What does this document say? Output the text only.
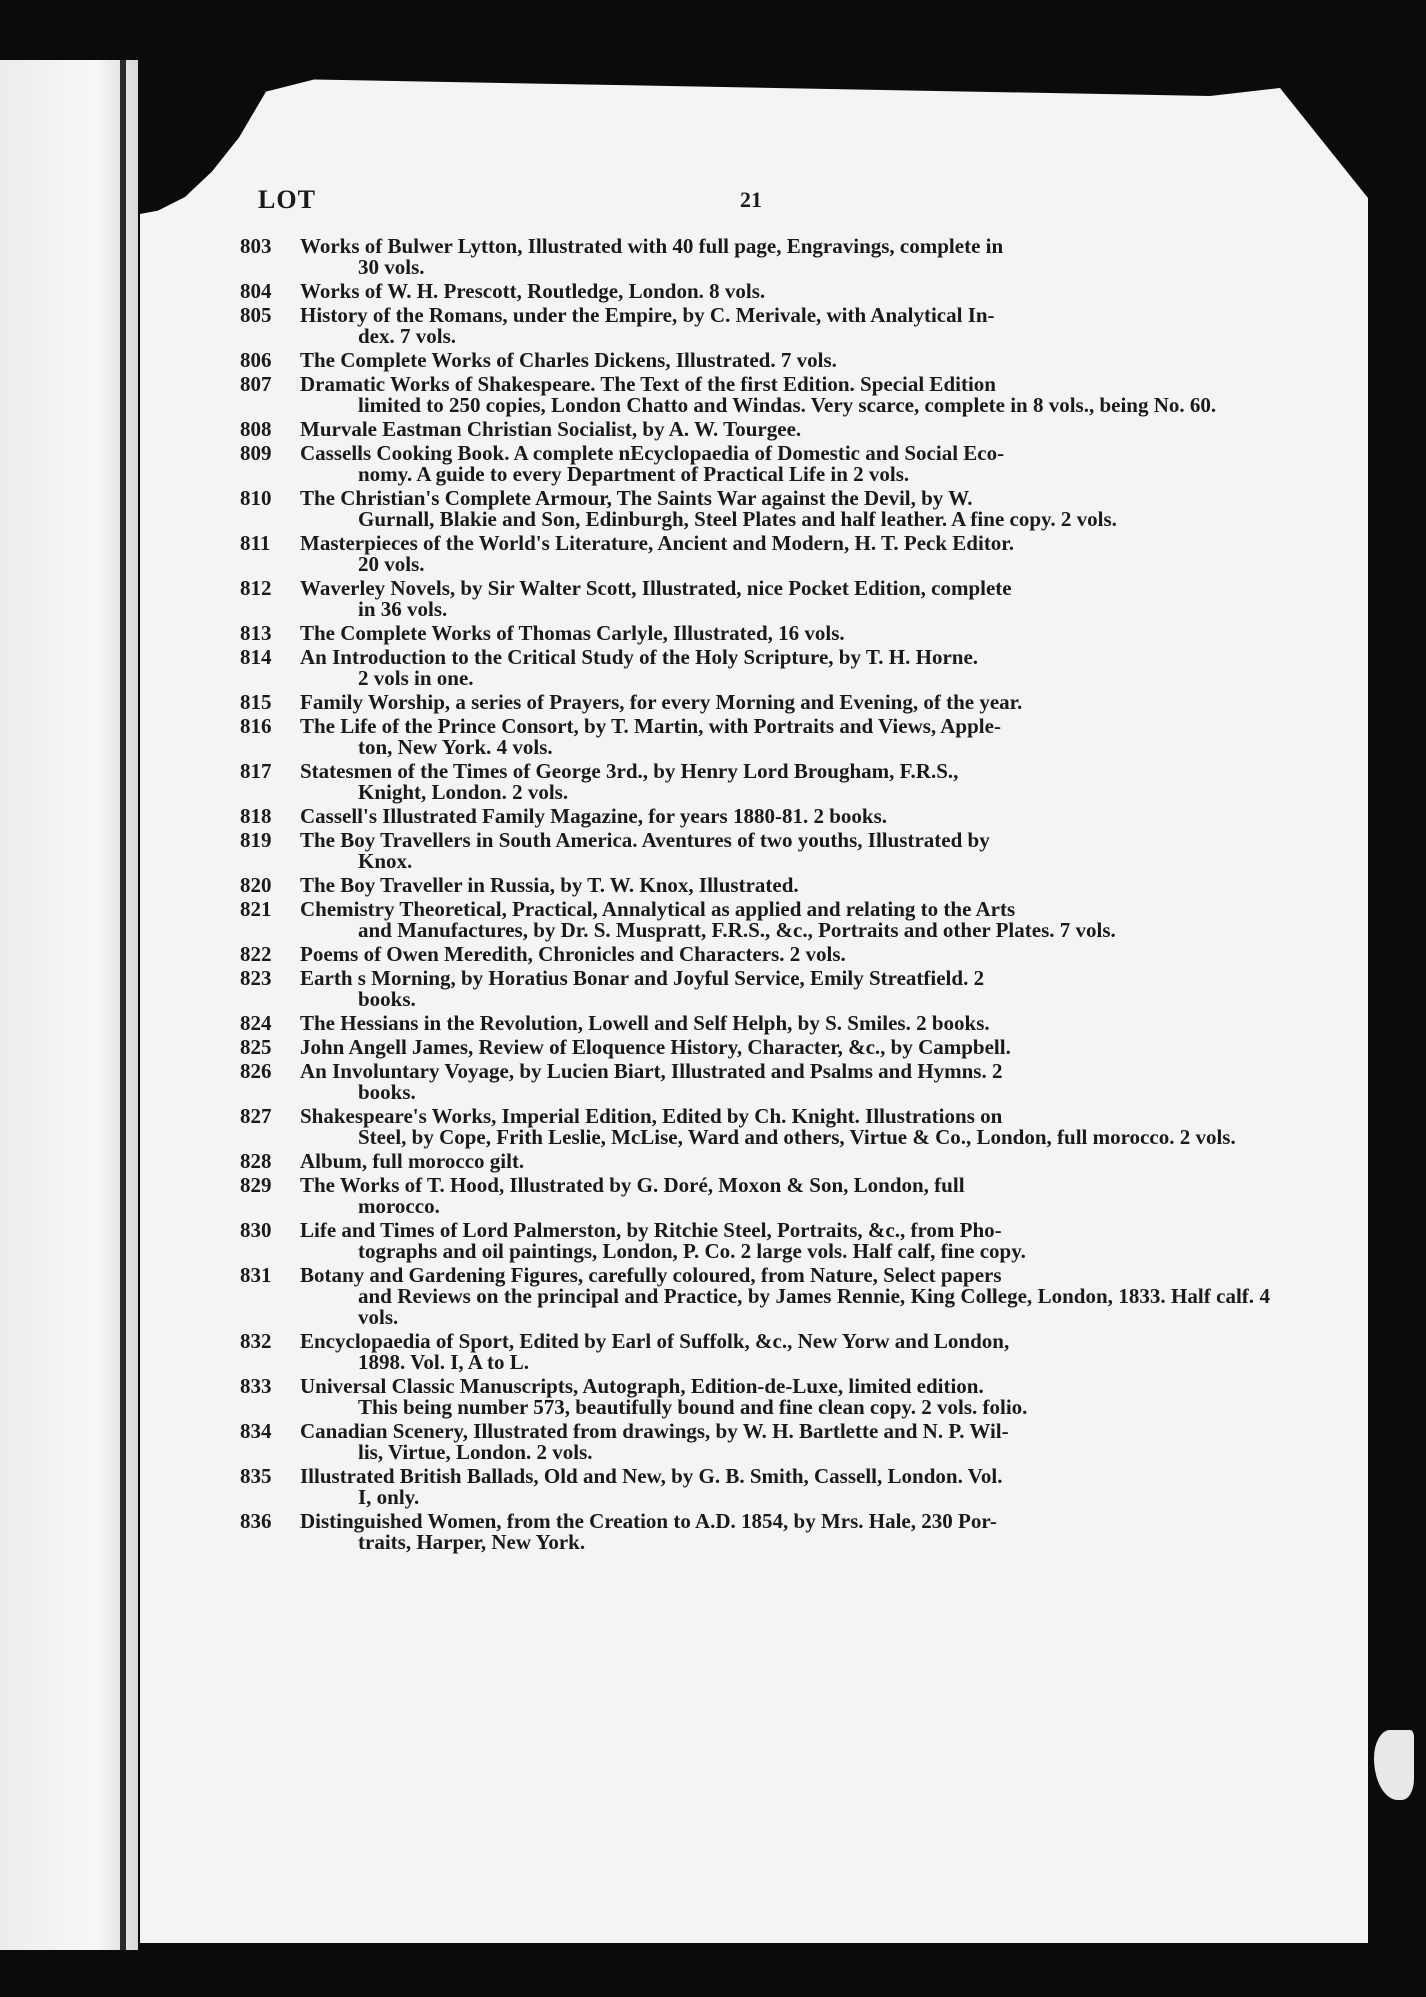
LOT	21
803	Works of Bulwer Lytton, Illustrated with 40 full page, Engravings, complete in
30 vols.
804	Works of W. H. Prescott, Routledge, London. 8 vols.
805	History of the Romans, under the Empire, by C. Merivale, with Analytical In-
dex. 7 vols.
806	The Complete Works of Charles Dickens, Illustrated. 7 vols.
807	Dramatic Works of Shakespeare. The Text of the first Edition. Special Edition
limited to 250 copies, London Chatto and Windas. Very scarce, complete in 8 vols., being No. 60.
808	Murvale Eastman Christian Socialist, by A. W. Tourgee.
809	Cassells Cooking Book. A complete nEcyclopaedia of Domestic and Social Eco-
nomy. A guide to every Department of Practical Life in 2 vols.
810	The Christian's Complete Armour, The Saints War against the Devil, by W.
Gurnall, Blakie and Son, Edinburgh, Steel Plates and half leather. A fine copy. 2 vols.
811	Masterpieces of the World's Literature, Ancient and Modern, H. T. Peck Editor.
20 vols.
812	Waverley Novels, by Sir Walter Scott, Illustrated, nice Pocket Edition, complete
in 36 vols.
813	The Complete Works of Thomas Carlyle, Illustrated, 16 vols.
814	An Introduction to the Critical Study of the Holy Scripture, by T. H. Horne.
2 vols in one.
815	Family Worship, a series of Prayers, for every Morning and Evening, of the year.
816	The Life of the Prince Consort, by T. Martin, with Portraits and Views, Apple-
ton, New York. 4 vols.
817	Statesmen of the Times of George 3rd., by Henry Lord Brougham, F.R.S.,
Knight, London. 2 vols.
818	Cassell's Illustrated Family Magazine, for years 1880-81. 2 books.
819	The Boy Travellers in South America. Aventures of two youths, Illustrated by
Knox.
820	The Boy Traveller in Russia, by T. W. Knox, Illustrated.
821	Chemistry Theoretical, Practical, Annalytical as applied and relating to the Arts
and Manufactures, by Dr. S. Muspratt, F.R.S., &c., Portraits and other Plates. 7 vols.
822	Poems of Owen Meredith, Chronicles and Characters. 2 vols.
823	Earth s Morning, by Horatius Bonar and Joyful Service, Emily Streatfield. 2
books.
824	The Hessians in the Revolution, Lowell and Self Helph, by S. Smiles. 2 books.
825	John Angell James, Review of Eloquence History, Character, &c., by Campbell.
826	An Involuntary Voyage, by Lucien Biart, Illustrated and Psalms and Hymns. 2
books.
827	Shakespeare's Works, Imperial Edition, Edited by Ch. Knight. Illustrations on
Steel, by Cope, Frith Leslie, McLise, Ward and others, Virtue & Co., London, full morocco. 2 vols.
828	Album, full morocco gilt.
829	The Works of T. Hood, Illustrated by G. Doré, Moxon & Son, London, full
morocco.
830	Life and Times of Lord Palmerston, by Ritchie Steel, Portraits, &c., from Pho-
tographs and oil paintings, London, P. Co. 2 large vols. Half calf, fine copy.
831	Botany and Gardening Figures, carefully coloured, from Nature, Select papers
and Reviews on the principal and Practice, by James Rennie, King College, London, 1833. Half calf. 4 vols.
832	Encyclopaedia of Sport, Edited by Earl of Suffolk, &c., New Yorw and London,
1898. Vol. I, A to L.
833	Universal Classic Manuscripts, Autograph, Edition-de-Luxe, limited edition.
This being number 573, beautifully bound and fine clean copy. 2 vols. folio.
834	Canadian Scenery, Illustrated from drawings, by W. H. Bartlette and N. P. Wil-
lis, Virtue, London. 2 vols.
835	Illustrated British Ballads, Old and New, by G. B. Smith, Cassell, London. Vol.
I, only.
836	Distinguished Women, from the Creation to A.D. 1854, by Mrs. Hale, 230 Por-
traits, Harper, New York.
